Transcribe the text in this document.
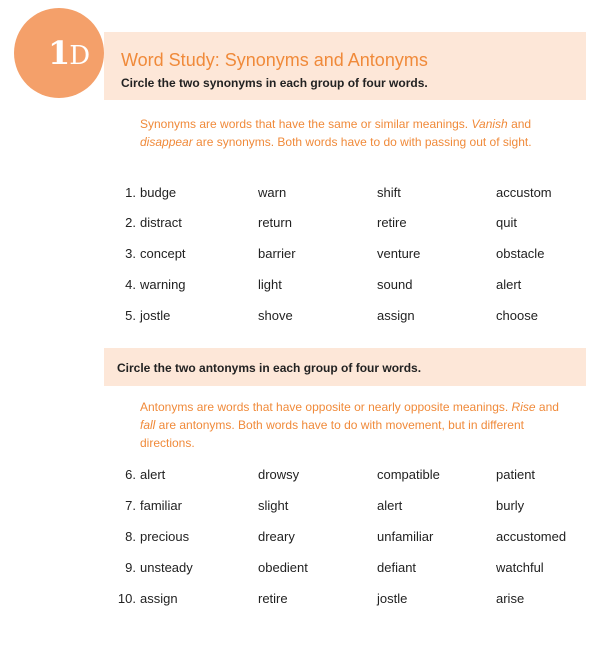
1D Word Study: Synonyms and Antonyms
Circle the two synonyms in each group of four words.
Synonyms are words that have the same or similar meanings. Vanish and disappear are synonyms. Both words have to do with passing out of sight.
1. budge	warn	shift	accustom
2. distract	return	retire	quit
3. concept	barrier	venture	obstacle
4. warning	light	sound	alert
5. jostle	shove	assign	choose
Circle the two antonyms in each group of four words.
Antonyms are words that have opposite or nearly opposite meanings. Rise and fall are antonyms. Both words have to do with movement, but in different directions.
6. alert	drowsy	compatible	patient
7. familiar	slight	alert	burly
8. precious	dreary	unfamiliar	accustomed
9. unsteady	obedient	defiant	watchful
10. assign	retire	jostle	arise
